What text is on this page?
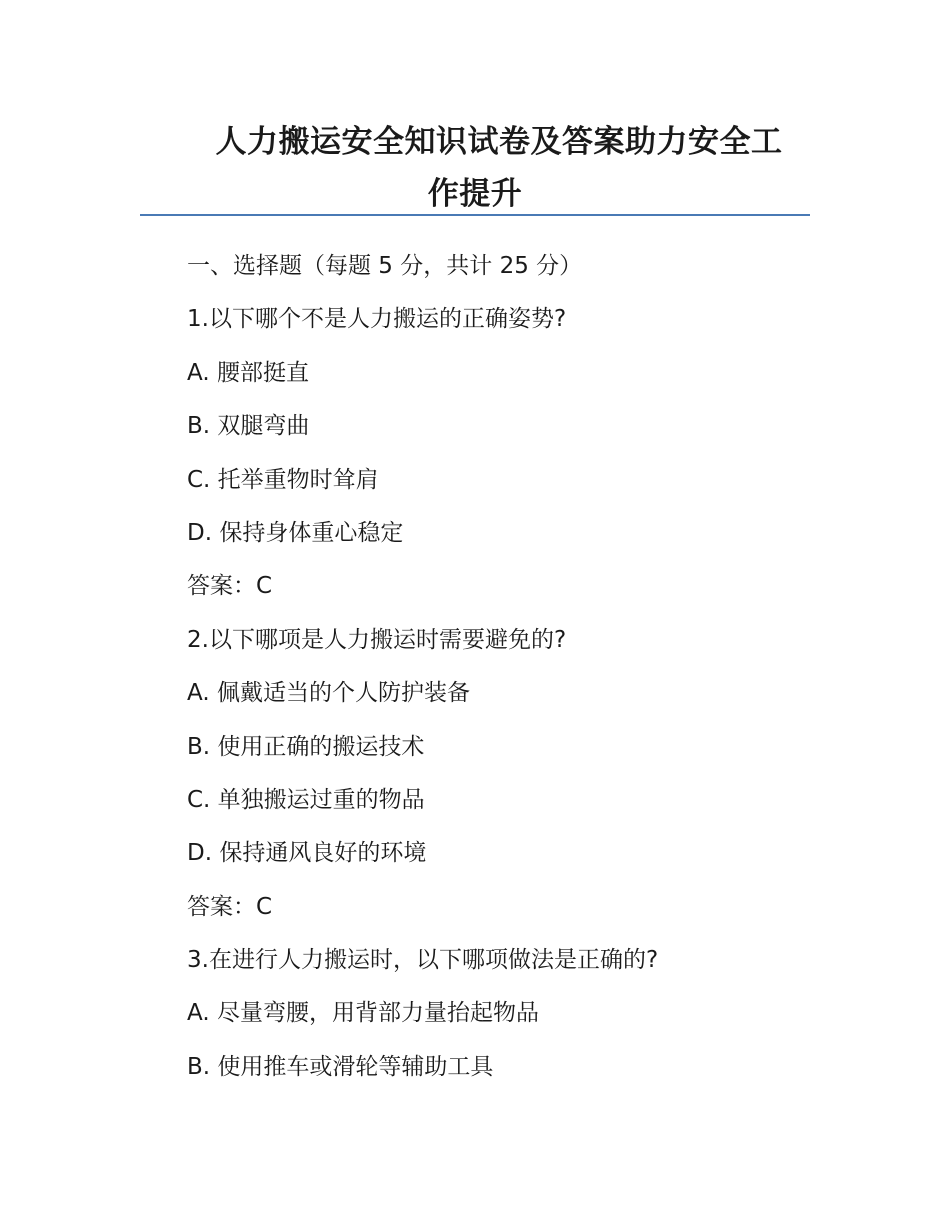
人力搬运安全知识试卷及答案助力安全工
作提升
一、选择题（每题 5 分，共计 25 分）
1.以下哪个不是人力搬运的正确姿势?
A. 腰部挺直
B. 双腿弯曲
C. 托举重物时耸肩
D. 保持身体重心稳定
答案：C
2.以下哪项是人力搬运时需要避免的?
A. 佩戴适当的个人防护装备
B. 使用正确的搬运技术
C. 单独搬运过重的物品
D. 保持通风良好的环境
答案：C
3.在进行人力搬运时，以下哪项做法是正确的?
A. 尽量弯腰，用背部力量抬起物品
B. 使用推车或滑轮等辅助工具
